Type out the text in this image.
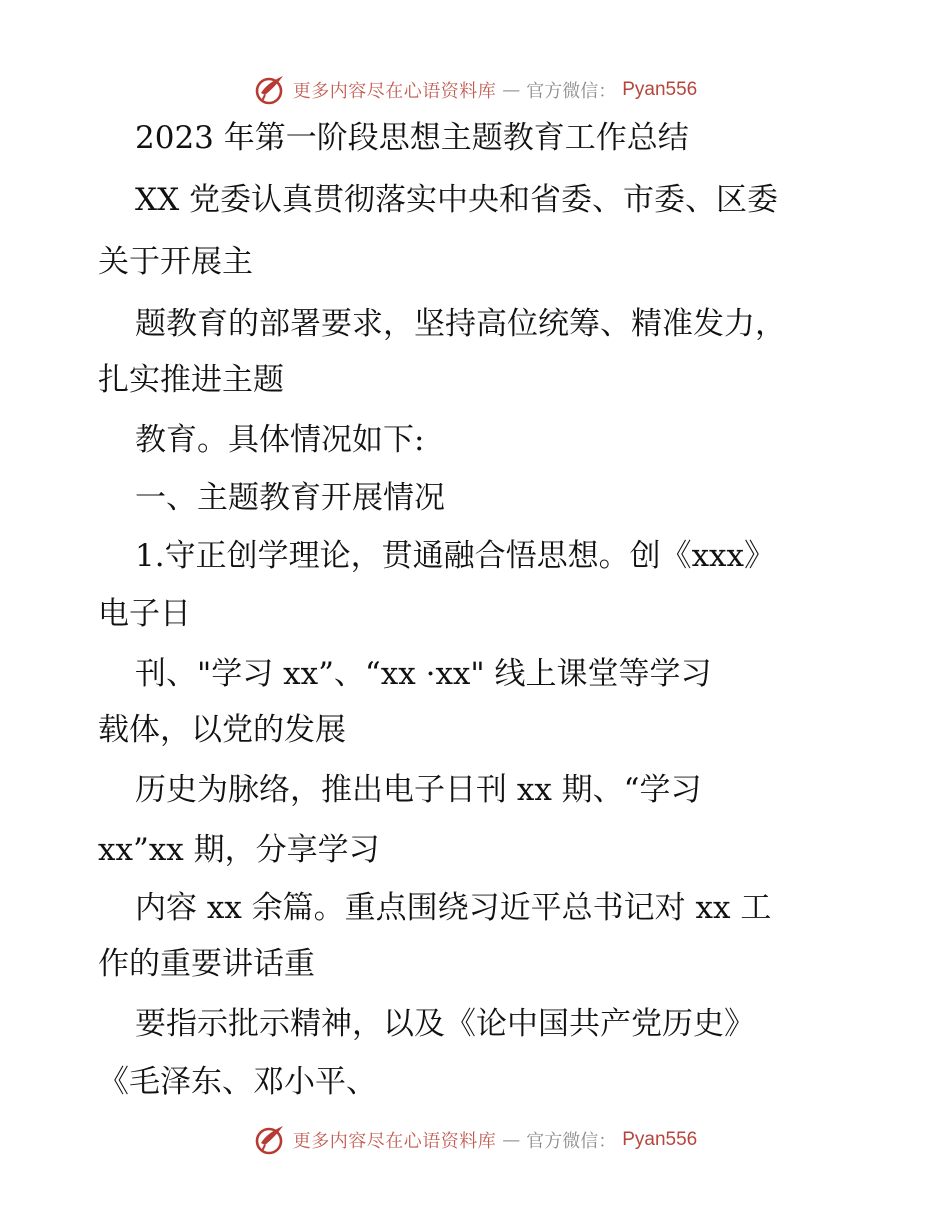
更多内容尽在心语资料库 — 官方微信： Pyan556
2023 年第一阶段思想主题教育工作总结
XX 党委认真贯彻落实中央和省委、市委、区委
关于开展主
题教育的部署要求，坚持高位统筹、精准发力，
扎实推进主题
教育。具体情况如下:
一、主题教育开展情况
1.守正创学理论，贯通融合悟思想。创《xxx》
电子日
刊、"学习 xx”、“xx ·xx" 线上课堂等学习
载体，以党的发展
历史为脉络，推出电子日刊 xx 期、“学习
xx”xx 期，分享学习
内容 xx 余篇。重点围绕习近平总书记对 xx 工
作的重要讲话重
要指示批示精神，以及《论中国共产党历史》
《毛泽东、邓小平、
更多内容尽在心语资料库 — 官方微信： Pyan556
